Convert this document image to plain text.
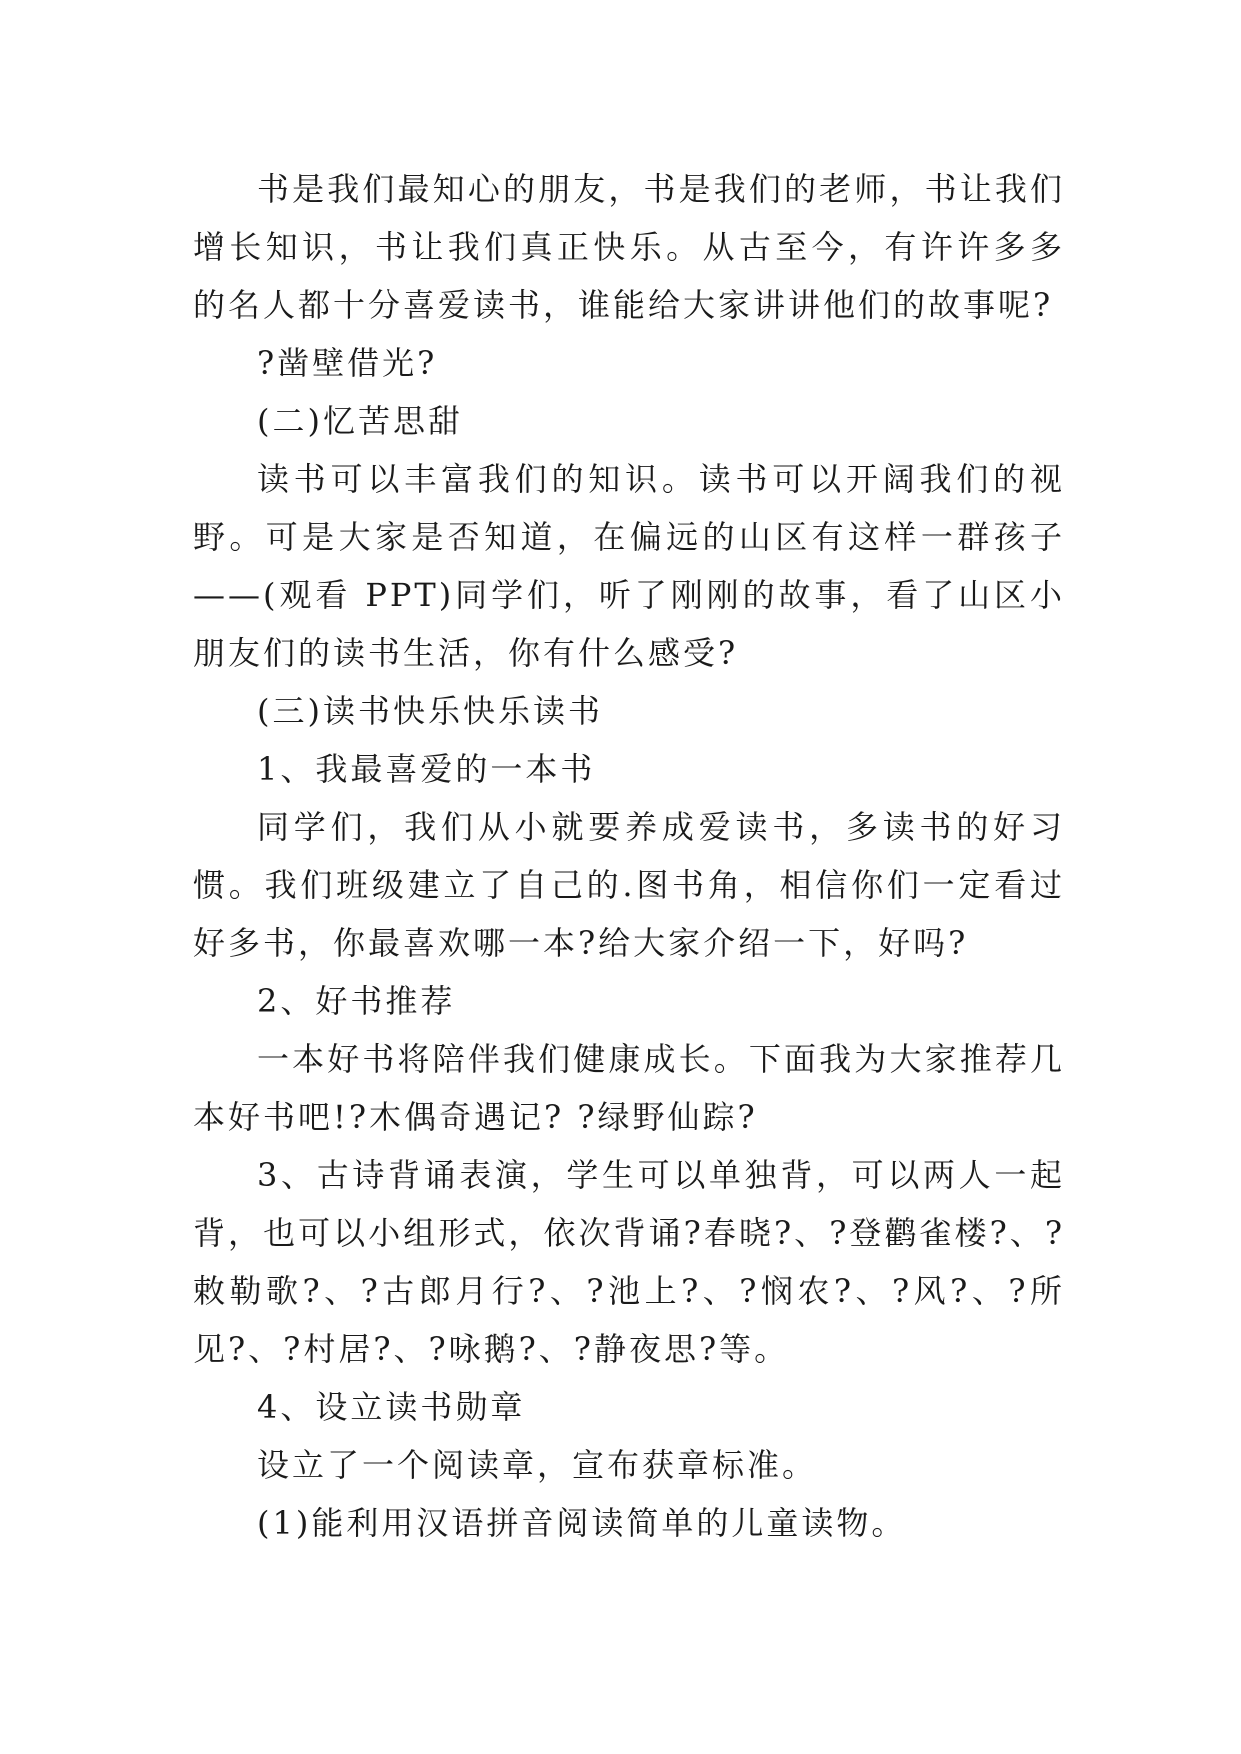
书是我们最知心的朋友，书是我们的老师，书让我们增长知识，书让我们真正快乐。从古至今，有许许多多的名人都十分喜爱读书，谁能给大家讲讲他们的故事呢?

?凿壁借光?

(二)忆苦思甜

读书可以丰富我们的知识。读书可以开阔我们的视野。可是大家是否知道，在偏远的山区有这样一群孩子——(观看 PPT)同学们，听了刚刚的故事，看了山区小朋友们的读书生活，你有什么感受?

(三)读书快乐快乐读书

1、我最喜爱的一本书

同学们，我们从小就要养成爱读书，多读书的好习惯。我们班级建立了自己的.图书角，相信你们一定看过好多书，你最喜欢哪一本?给大家介绍一下，好吗?

2、好书推荐

一本好书将陪伴我们健康成长。下面我为大家推荐几本好书吧!?木偶奇遇记? ?绿野仙踪?

3、古诗背诵表演，学生可以单独背，可以两人一起背，也可以小组形式，依次背诵?春晓?、?登鹳雀楼?、?敕勒歌?、?古郎月行?、?池上?、?悯农?、?风?、?所见?、?村居?、?咏鹅?、?静夜思?等。

4、设立读书勋章

设立了一个阅读章，宣布获章标准。

(1)能利用汉语拼音阅读简单的儿童读物。
